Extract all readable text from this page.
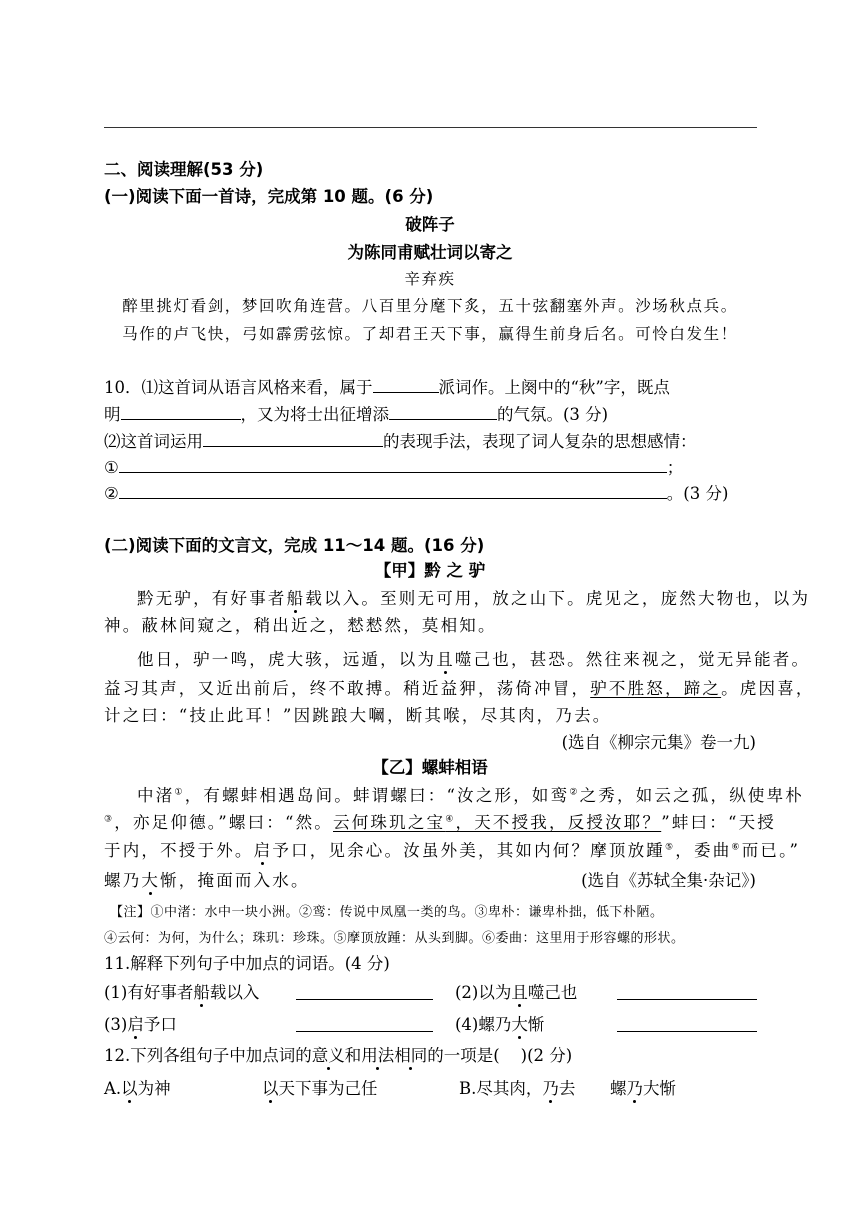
二、阅读理解(53 分)
(一)阅读下面一首诗，完成第 10 题。(6 分)
破阵子
为陈同甫赋壮词以寄之
辛弃疾
醉里挑灯看剑，梦回吹角连营。八百里分麾下炙，五十弦翻塞外声。沙场秋点兵。
马作的卢飞快，弓如霹雳弦惊。了却君王天下事，赢得生前身后名。可怜白发生！
10．⑴这首词从语言风格来看，属于	派词作。上阕中的“秋”字，既点
明	，又为将士出征增添	的气氛。(3 分)
⑵这首词运用	的表现手法，表现了词人复杂的思想感情：
①	；
②	。(3 分)
(二)阅读下面的文言文，完成 11～14 题。(16 分)
【甲】黔 之 驴
黔无驴，有好事者船载以入。至则无可用，放之山下。虎见之，庞然大物也，以为
神。蔽林间窥之，稍出近之，慭慭然，莫相知。
他日，驴一鸣，虎大骇，远遁，以为且噬己也，甚恐。然往来视之，觉无异能者。
益习其声，又近出前后，终不敢搏。稍近益狎，荡倚冲冒，驴不胜怒，蹄之。虎因喜，
计之曰：“技止此耳！”因跳踉大㘎，断其喉，尽其肉，乃去。
(选自《柳宗元集》卷一九)
【乙】螺蚌相语
中渚①，有螺蚌相遇岛间。蚌谓螺曰：“汝之形，如鸾②之秀，如云之孤，纵使卑朴
③，亦足仰德。”螺曰：“然。云何珠玑之宝④，天不授我，反授汝耶？”蚌曰：“天授
于内，不授于外。启予口，见余心。汝虽外美，其如内何？摩顶放踵⑤，委曲⑥而已。”
螺乃大惭，掩面而入水。	(选自《苏轼全集·杂记》)
【注】①中渚：水中一块小洲。②鸾：传说中凤凰一类的鸟。③卑朴：谦卑朴拙，低下朴陋。
④云何：为何，为什么；珠玑：珍珠。⑤摩顶放踵：从头到脚。⑥委曲：这里用于形容螺的形状。
11.解释下列句子中加点的词语。(4 分)
(1)有好事者船载以入	(2)以为且噬己也
(3)启予口	(4)螺乃大惭
12.下列各组句子中加点词的意义和用法相同的一项是( )(2 分)
A.以为神	以天下事为己任	B.尽其肉，乃去 螺乃大惭
